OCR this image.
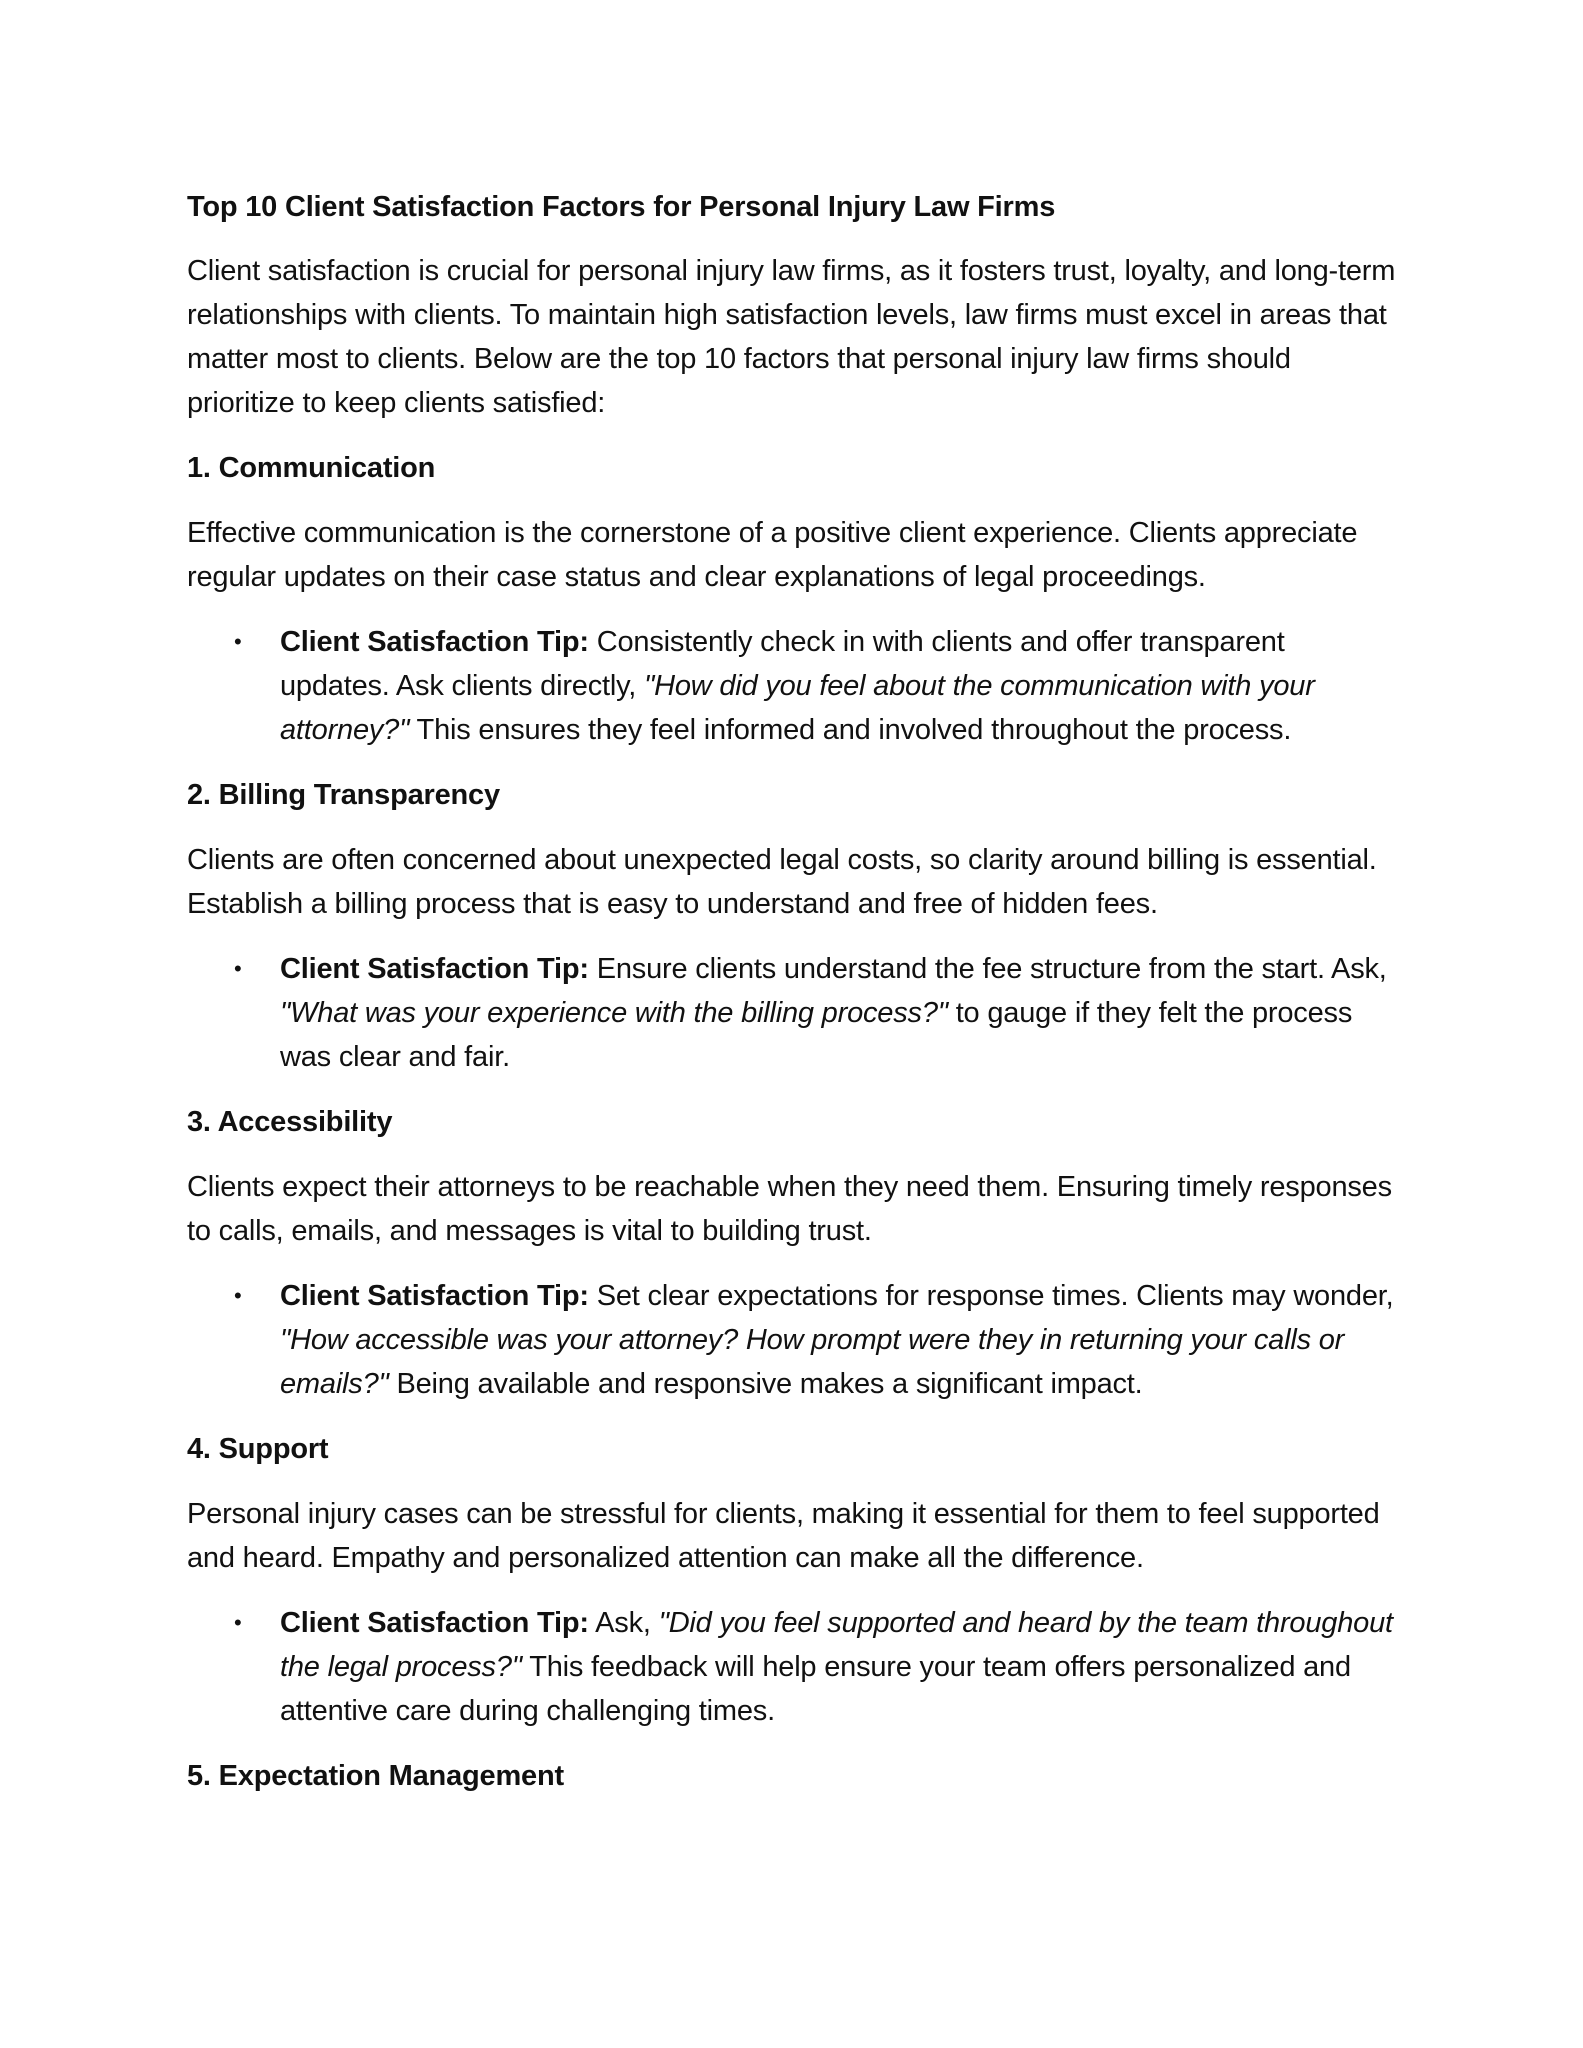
Top 10 Client Satisfaction Factors for Personal Injury Law Firms

Client satisfaction is crucial for personal injury law firms, as it fosters trust, loyalty, and long-term relationships with clients. To maintain high satisfaction levels, law firms must excel in areas that matter most to clients. Below are the top 10 factors that personal injury law firms should prioritize to keep clients satisfied:

1. Communication

Effective communication is the cornerstone of a positive client experience. Clients appreciate regular updates on their case status and clear explanations of legal proceedings.

• Client Satisfaction Tip: Consistently check in with clients and offer transparent updates. Ask clients directly, "How did you feel about the communication with your attorney?" This ensures they feel informed and involved throughout the process.
2. Billing Transparency

Clients are often concerned about unexpected legal costs, so clarity around billing is essential. Establish a billing process that is easy to understand and free of hidden fees.

• Client Satisfaction Tip: Ensure clients understand the fee structure from the start. Ask, "What was your experience with the billing process?" to gauge if they felt the process was clear and fair.
3. Accessibility

Clients expect their attorneys to be reachable when they need them. Ensuring timely responses to calls, emails, and messages is vital to building trust.

• Client Satisfaction Tip: Set clear expectations for response times. Clients may wonder, "How accessible was your attorney? How prompt were they in returning your calls or emails?" Being available and responsive makes a significant impact.
4. Support

Personal injury cases can be stressful for clients, making it essential for them to feel supported and heard. Empathy and personalized attention can make all the difference.

• Client Satisfaction Tip: Ask, "Did you feel supported and heard by the team throughout the legal process?" This feedback will help ensure your team offers personalized and attentive care during challenging times.
5. Expectation Management
